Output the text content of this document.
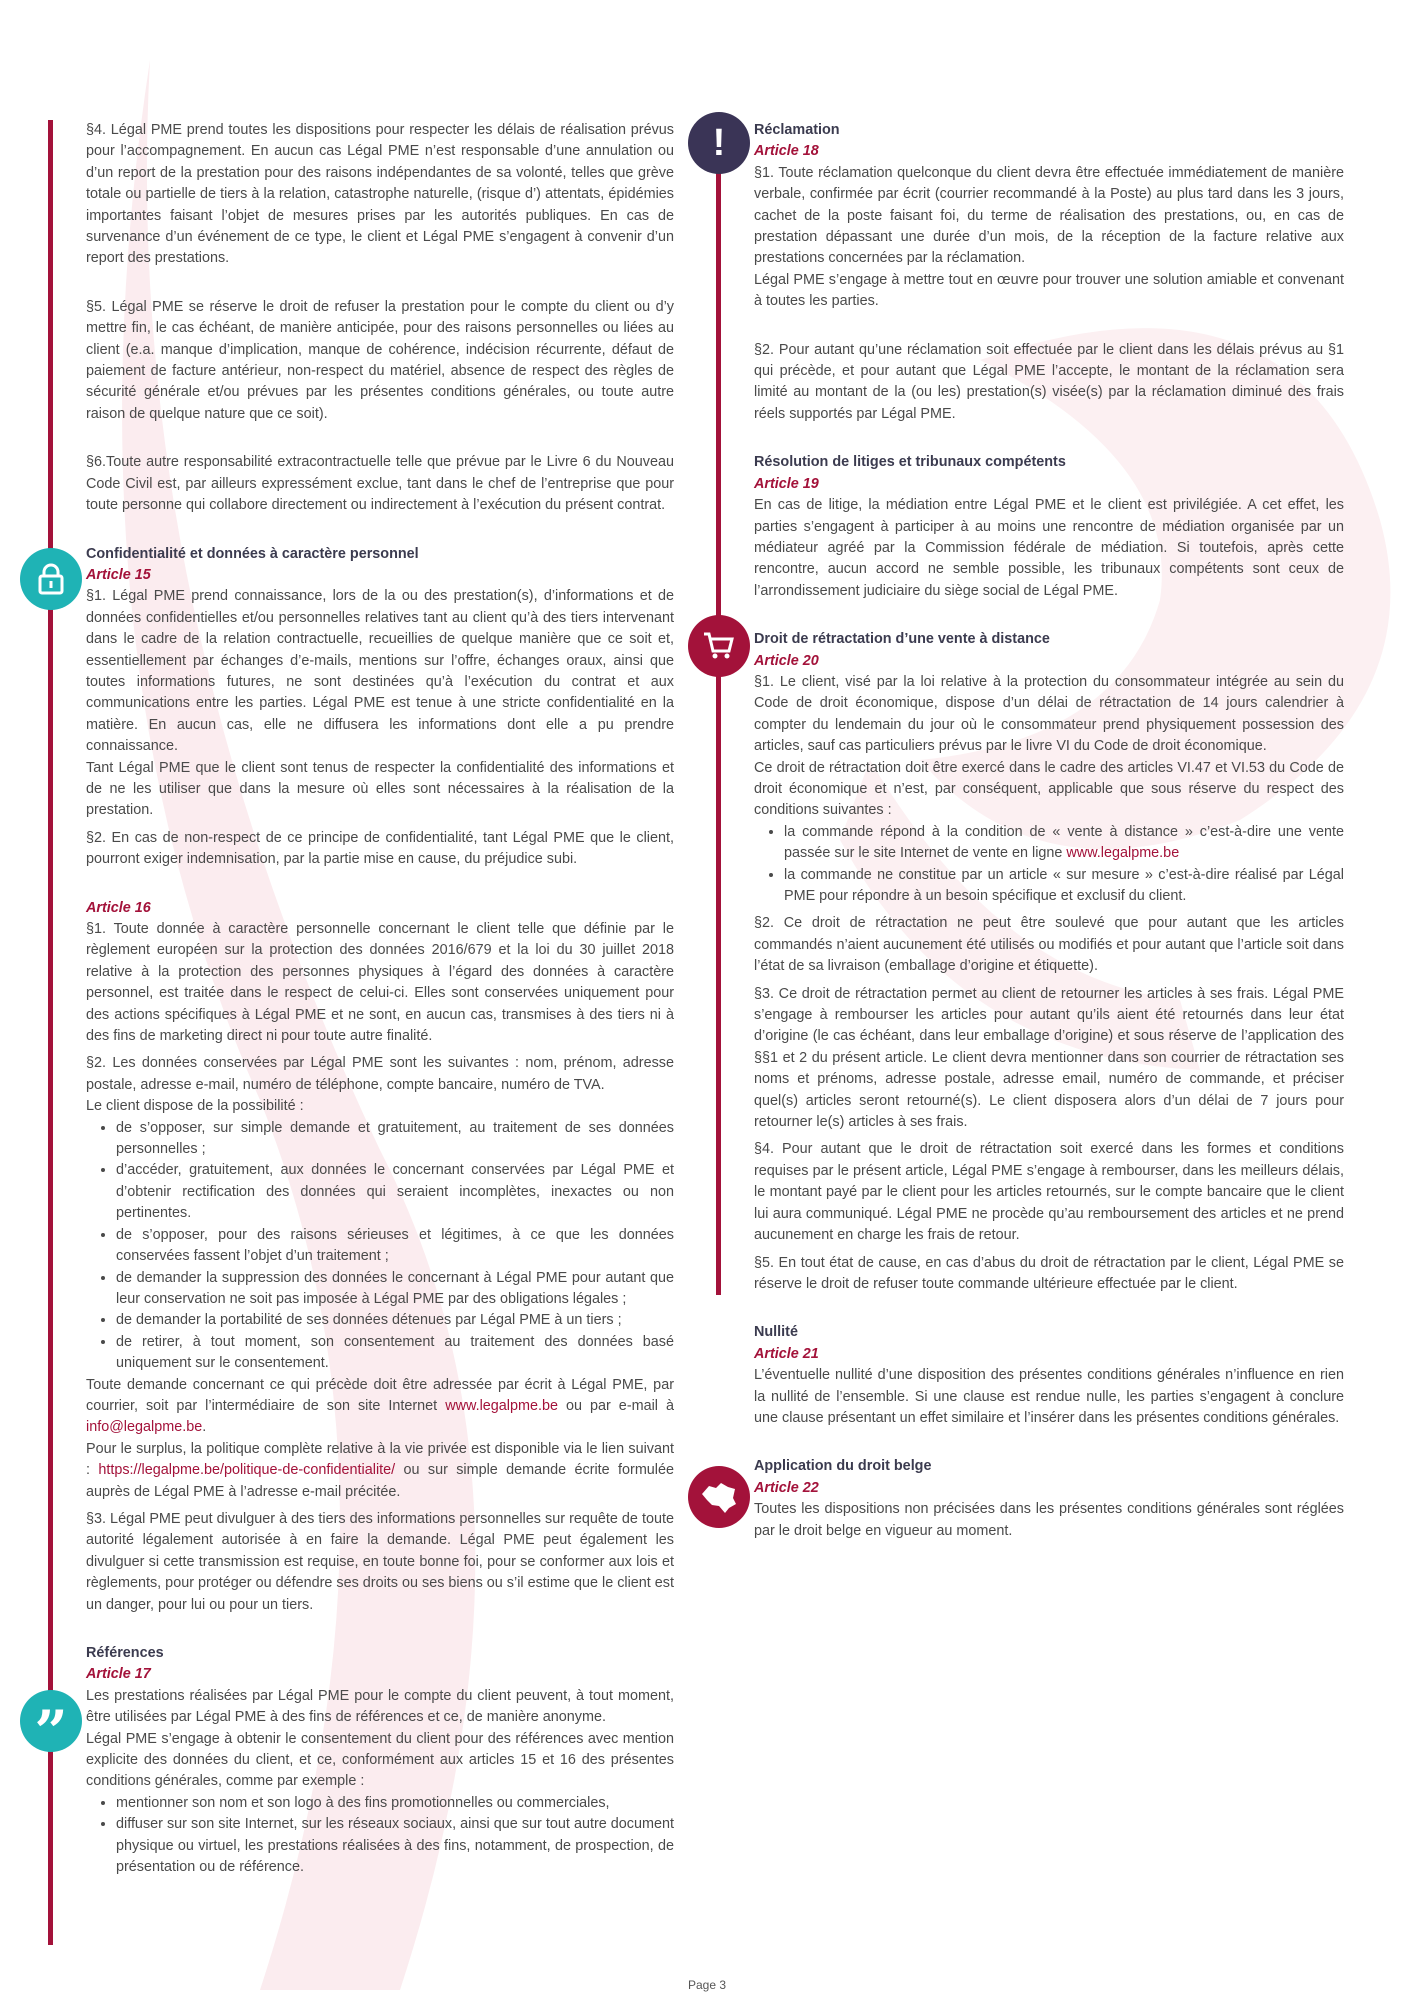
”
!

§4. Légal PME prend toutes les dispositions pour respecter les délais de réalisation prévus pour l’accompagnement. En aucun cas Légal PME n’est responsable d’une annulation ou d’un report de la prestation pour des raisons indépendantes de sa volonté, telles que grève totale ou partielle de tiers à la relation, catastrophe naturelle, (risque d’) attentats, épidémies importantes faisant l’objet de mesures prises par les autorités publiques. En cas de survenance d’un événement de ce type, le client et Légal PME s’engagent à convenir d’un report des prestations.

§5. Légal PME se réserve le droit de refuser la prestation pour le compte du client ou d’y mettre fin, le cas échéant, de manière anticipée, pour des raisons personnelles ou liées au client (e.a. manque d’implication, manque de cohérence, indécision récurrente, défaut de paiement de facture antérieur, non-respect du matériel, absence de respect des règles de sécurité générale et/ou prévues par les présentes conditions générales, ou toute autre raison de quelque nature que ce soit).

§6.Toute autre responsabilité extracontractuelle telle que prévue par le Livre 6 du Nouveau Code Civil est, par ailleurs expressément exclue, tant dans le chef de l’entreprise que pour toute personne qui collabore directement ou indirectement à l’exécution du présent contrat.

Confidentialité et données à caractère personnel

Article 15

§1. Légal PME prend connaissance, lors de la ou des prestation(s), d’informations et de données confidentielles et/ou personnelles relatives tant au client qu’à des tiers intervenant dans le cadre de la relation contractuelle, recueillies de quelque manière que ce soit et, essentiellement par échanges d’e-mails, mentions sur l’offre, échanges oraux, ainsi que toutes informations futures, ne sont destinées qu’à l’exécution du contrat et aux communications entre les parties. Légal PME est tenue à une stricte confidentialité en la matière. En aucun cas, elle ne diffusera les informations dont elle a pu prendre connaissance.

Tant Légal PME que le client sont tenus de respecter la confidentialité des informations et de ne les utiliser que dans la mesure où elles sont nécessaires à la réalisation de la prestation.

§2. En cas de non-respect de ce principe de confidentialité, tant Légal PME que le client, pourront exiger indemnisation, par la partie mise en cause, du préjudice subi.

Article 16

§1. Toute donnée à caractère personnelle concernant le client telle que définie par le règlement européen sur la protection des données 2016/679 et la loi du 30 juillet 2018 relative à la protection des personnes physiques à l’égard des données à caractère personnel, est traitée dans le respect de celui-ci. Elles sont conservées uniquement pour des actions spécifiques à Légal PME et ne sont, en aucun cas, transmises à des tiers ni à des fins de marketing direct ni pour toute autre finalité.

§2. Les données conservées par Légal PME sont les suivantes : nom, prénom, adresse postale, adresse e-mail, numéro de téléphone, compte bancaire, numéro de TVA.

Le client dispose de la possibilité :

• de s’opposer, sur simple demande et gratuitement, au traitement de ses données personnelles ;
• d’accéder, gratuitement, aux données le concernant conservées par Légal PME et d’obtenir rectification des données qui seraient incomplètes, inexactes ou non pertinentes.
• de s’opposer, pour des raisons sérieuses et légitimes, à ce que les données conservées fassent l’objet d’un traitement ;
• de demander la suppression des données le concernant à Légal PME pour autant que leur conservation ne soit pas imposée à Légal PME par des obligations légales ;
• de demander la portabilité de ses données détenues par Légal PME à un tiers ;
• de retirer, à tout moment, son consentement au traitement des données basé uniquement sur le consentement.

Toute demande concernant ce qui précède doit être adressée par écrit à Légal PME, par courrier, soit par l’intermédiaire de son site Internet www.legalpme.be ou par e-mail à info@legalpme.be.

Pour le surplus, la politique complète relative à la vie privée est disponible via le lien suivant : https://legalpme.be/politique-de-confidentialite/ ou sur simple demande écrite formulée auprès de Légal PME à l’adresse e-mail précitée.

§3. Légal PME peut divulguer à des tiers des informations personnelles sur requête de toute autorité légalement autorisée à en faire la demande. Légal PME peut également les divulguer si cette transmission est requise, en toute bonne foi, pour se conformer aux lois et règlements, pour protéger ou défendre ses droits ou ses biens ou s’il estime que le client est un danger, pour lui ou pour un tiers.

Références

Article 17

Les prestations réalisées par Légal PME pour le compte du client peuvent, à tout moment, être utilisées par Légal PME à des fins de références et ce, de manière anonyme.

Légal PME s’engage à obtenir le consentement du client pour des références avec mention explicite des données du client, et ce, conformément aux articles 15 et 16 des présentes conditions générales, comme par exemple :

• mentionner son nom et son logo à des fins promotionnelles ou commerciales,
• diffuser sur son site Internet, sur les réseaux sociaux, ainsi que sur tout autre document physique ou virtuel, les prestations réalisées à des fins, notamment, de prospection, de présentation ou de référence.

Réclamation

Article 18

§1. Toute réclamation quelconque du client devra être effectuée immédiatement de manière verbale, confirmée par écrit (courrier recommandé à la Poste) au plus tard dans les 3 jours, cachet de la poste faisant foi, du terme de réalisation des prestations, ou, en cas de prestation dépassant une durée d’un mois, de la réception de la facture relative aux prestations concernées par la réclamation.

Légal PME s’engage à mettre tout en œuvre pour trouver une solution amiable et convenant à toutes les parties.

§2. Pour autant qu’une réclamation soit effectuée par le client dans les délais prévus au §1 qui précède, et pour autant que Légal PME l’accepte, le montant de la réclamation sera limité au montant de la (ou les) prestation(s) visée(s) par la réclamation diminué des frais réels supportés par Légal PME.

Résolution de litiges et tribunaux compétents

Article 19

En cas de litige, la médiation entre Légal PME et le client est privilégiée. A cet effet, les parties s’engagent à participer à au moins une rencontre de médiation organisée par un médiateur agréé par la Commission fédérale de médiation. Si toutefois, après cette rencontre, aucun accord ne semble possible, les tribunaux compétents sont ceux de l’arrondissement judiciaire du siège social de Légal PME.

Droit de rétractation d’une vente à distance

Article 20

§1. Le client, visé par la loi relative à la protection du consommateur intégrée au sein du Code de droit économique, dispose d’un délai de rétractation de 14 jours calendrier à compter du lendemain du jour où le consommateur prend physiquement possession des articles, sauf cas particuliers prévus par le livre VI du Code de droit économique.

Ce droit de rétractation doit être exercé dans le cadre des articles VI.47 et VI.53 du Code de droit économique et n’est, par conséquent, applicable que sous réserve du respect des conditions suivantes :

• la commande répond à la condition de « vente à distance » c’est-à-dire une vente passée sur le site Internet de vente en ligne www.legalpme.be
• la commande ne constitue par un article « sur mesure » c’est-à-dire réalisé par Légal PME pour répondre à un besoin spécifique et exclusif du client.

§2. Ce droit de rétractation ne peut être soulevé que pour autant que les articles commandés n’aient aucunement été utilisés ou modifiés et pour autant que l’article soit dans l’état de sa livraison (emballage d’origine et étiquette).

§3. Ce droit de rétractation permet au client de retourner les articles à ses frais. Légal PME s’engage à rembourser les articles pour autant qu’ils aient été retournés dans leur état d’origine (le cas échéant, dans leur emballage d’origine) et sous réserve de l’application des §§1 et 2 du présent article. Le client devra mentionner dans son courrier de rétractation ses noms et prénoms, adresse postale, adresse email, numéro de commande, et préciser quel(s) articles seront retourné(s). Le client disposera alors d’un délai de 7 jours pour retourner le(s) articles à ses frais.

§4. Pour autant que le droit de rétractation soit exercé dans les formes et conditions requises par le présent article, Légal PME s’engage à rembourser, dans les meilleurs délais, le montant payé par le client pour les articles retournés, sur le compte bancaire que le client lui aura communiqué. Légal PME ne procède qu’au remboursement des articles et ne prend aucunement en charge les frais de retour.

§5. En tout état de cause, en cas d’abus du droit de rétractation par le client, Légal PME se réserve le droit de refuser toute commande ultérieure effectuée par le client.

Nullité

Article 21

L’éventuelle nullité d’une disposition des présentes conditions générales n’influence en rien la nullité de l’ensemble. Si une clause est rendue nulle, les parties s’engagent à conclure une clause présentant un effet similaire et l’insérer dans les présentes conditions générales.

Application du droit belge

Article 22

Toutes les dispositions non précisées dans les présentes conditions générales sont réglées par le droit belge en vigueur au moment.

Page 3
